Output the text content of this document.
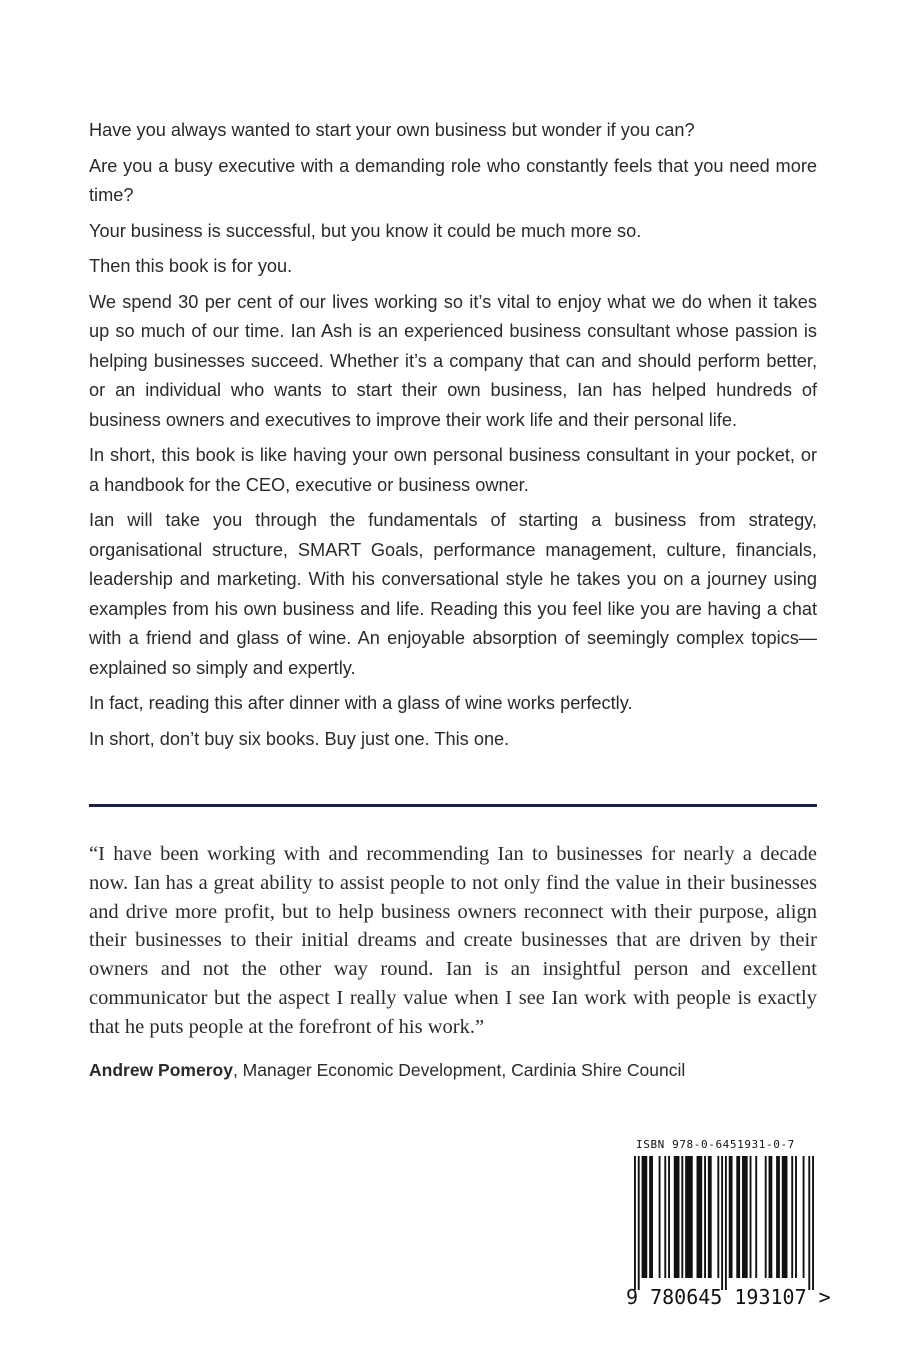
Have you always wanted to start your own business but wonder if you can?

Are you a busy executive with a demanding role who constantly feels that you need more time?

Your business is successful, but you know it could be much more so.

Then this book is for you.

We spend 30 per cent of our lives working so it’s vital to enjoy what we do when it takes up so much of our time. Ian Ash is an experienced business consultant whose passion is helping businesses succeed. Whether it’s a company that can and should perform better, or an individual who wants to start their own business, Ian has helped hundreds of business owners and executives to improve their work life and their personal life.

In short, this book is like having your own personal business consultant in your pocket, or a handbook for the CEO, executive or business owner.

Ian will take you through the fundamentals of starting a business from strategy, organisational structure, SMART Goals, performance management, culture, financials, leadership and marketing. With his conversational style he takes you on a journey using examples from his own business and life. Reading this you feel like you are having a chat with a friend and glass of wine. An enjoyable absorption of seemingly complex topics—explained so simply and expertly.

In fact, reading this after dinner with a glass of wine works perfectly.

In short, don’t buy six books. Buy just one. This one.

“I have been working with and recommending Ian to businesses for nearly a decade now. Ian has a great ability to assist people to not only find the value in their businesses and drive more profit, but to help business owners reconnect with their purpose, align their businesses to their initial dreams and create businesses that are driven by their owners and not the other way round. Ian is an insightful person and excellent communicator but the aspect I really value when I see Ian work with people is exactly that he puts people at the forefront of his work.”

Andrew Pomeroy, Manager Economic Development, Cardinia Shire Council

ISBN 978-0-6451931-0-7
9 780645 193107 >
